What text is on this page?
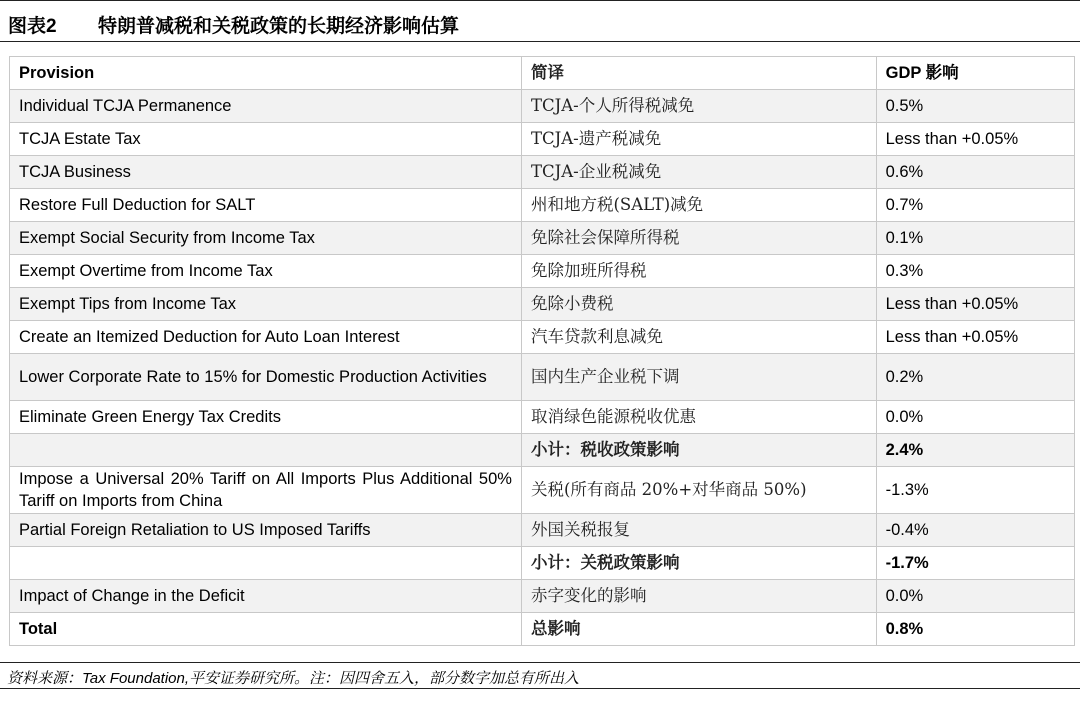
图表2 特朗普减税和关税政策的长期经济影响估算
Provision	简译	GDP 影响
Individual TCJA Permanence	TCJA-个人所得税减免	0.5%
TCJA Estate Tax	TCJA-遗产税减免	Less than +0.05%
TCJA Business	TCJA-企业税减免	0.6%
Restore Full Deduction for SALT	州和地方税(SALT)减免	0.7%
Exempt Social Security from Income Tax	免除社会保障所得税	0.1%
Exempt Overtime from Income Tax	免除加班所得税	0.3%
Exempt Tips from Income Tax	免除小费税	Less than +0.05%
Create an Itemized Deduction for Auto Loan Interest	汽车贷款利息减免	Less than +0.05%
Lower Corporate Rate to 15% for Domestic Production Activities	国内生产企业税下调	0.2%
Eliminate Green Energy Tax Credits	取消绿色能源税收优惠	0.0%
	小计：税收政策影响	2.4%
Impose a Universal 20% Tariff on All Imports Plus Additional 50% Tariff on Imports from China	关税(所有商品 20%+对华商品 50%)	-1.3%
Partial Foreign Retaliation to US Imposed Tariffs	外国关税报复	-0.4%
	小计：关税政策影响	-1.7%
Impact of Change in the Deficit	赤字变化的影响	0.0%
Total	总影响	0.8%
资料来源：Tax Foundation,平安证券研究所。注：因四舍五入，部分数字加总有所出入
